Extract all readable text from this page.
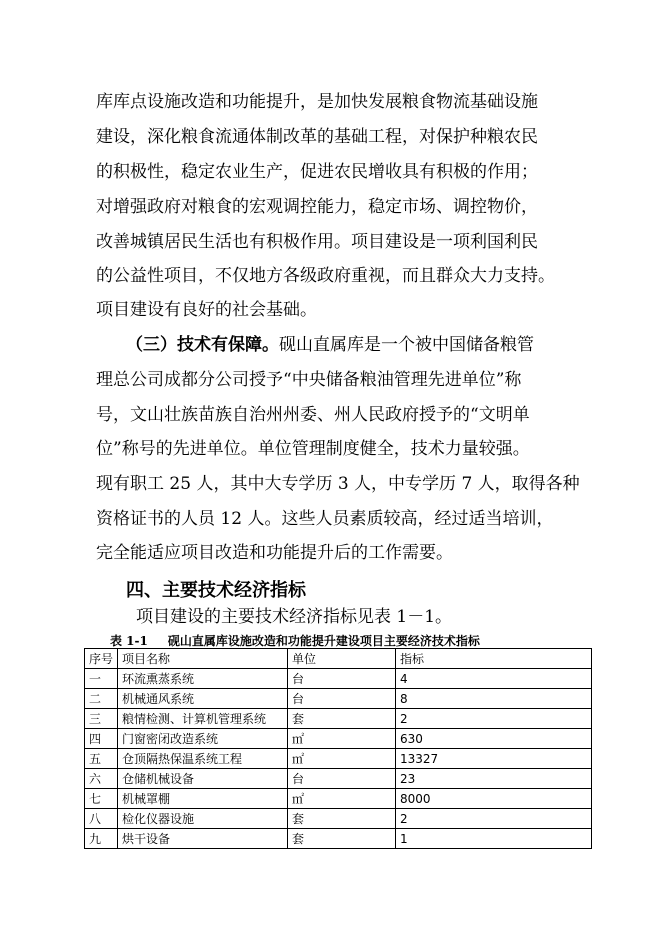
库库点设施改造和功能提升，是加快发展粮食物流基础设施
建设，深化粮食流通体制改革的基础工程，对保护种粮农民
的积极性，稳定农业生产，促进农民增收具有积极的作用；
对增强政府对粮食的宏观调控能力，稳定市场、调控物价，
改善城镇居民生活也有积极作用。项目建设是一项利国利民
的公益性项目，不仅地方各级政府重视，而且群众大力支持。
项目建设有良好的社会基础。
（三）技术有保障。砚山直属库是一个被中国储备粮管
理总公司成都分公司授予“中央储备粮油管理先进单位”称
号，文山壮族苗族自治州州委、州人民政府授予的“文明单
位”称号的先进单位。单位管理制度健全，技术力量较强。
现有职工 25 人，其中大专学历 3 人，中专学历 7 人，取得各种
资格证书的人员 12 人。这些人员素质较高，经过适当培训，
完全能适应项目改造和功能提升后的工作需要。
四、主要技术经济指标
项目建设的主要技术经济指标见表 1－1。
表 1-1 砚山直属库设施改造和功能提升建设项目主要经济技术指标
序号	项目名称	单位	指标
一	环流熏蒸系统	台	4
二	机械通风系统	台	8
三	粮情检测、计算机管理系统	套	2
四	门窗密闭改造系统	㎡	630
五	仓顶隔热保温系统工程	㎡	13327
六	仓储机械设备	台	23
七	机械罩棚	㎡	8000
八	检化仪器设施	套	2
九	烘干设备	套	1
